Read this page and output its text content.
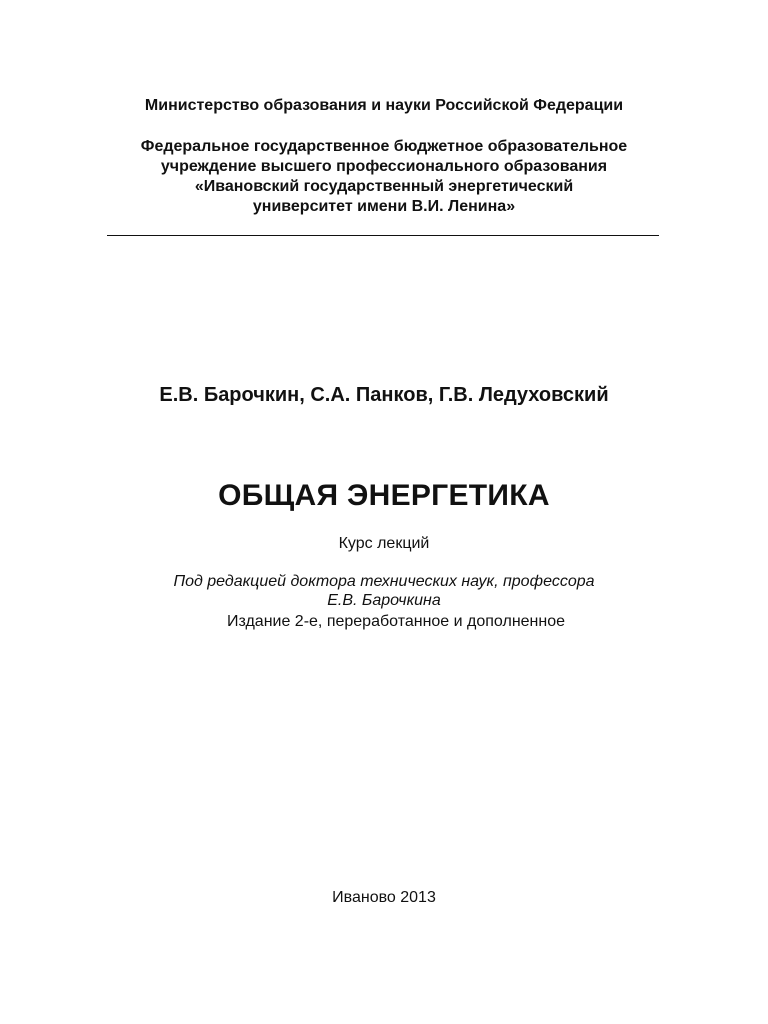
Министерство образования и науки Российской Федерации
Федеральное государственное бюджетное образовательное
учреждение высшего профессионального образования
«Ивановский государственный энергетический
университет имени В.И. Ленина»
Е.В. Барочкин, С.А. Панков, Г.В. Ледуховский
ОБЩАЯ ЭНЕРГЕТИКА
Курс лекций
Под редакцией доктора технических наук, профессора
Е.В. Барочкина
Издание 2-е, переработанное и дополненное
Иваново 2013
